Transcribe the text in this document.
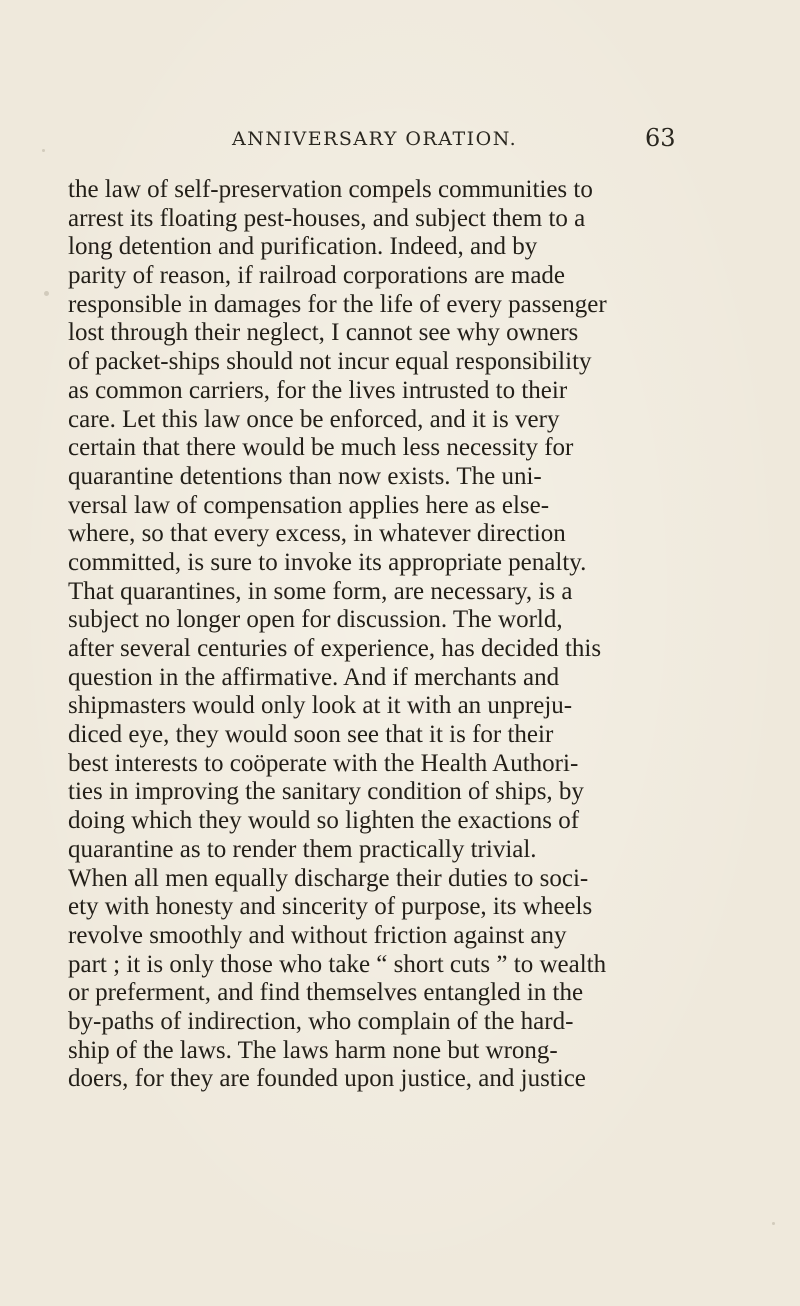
ANNIVERSARY ORATION.	63
the law of self-preservation compels communities to
arrest its floating pest-houses, and subject them to a
long detention and purification. Indeed, and by
parity of reason, if railroad corporations are made
responsible in damages for the life of every passenger
lost through their neglect, I cannot see why owners
of packet-ships should not incur equal responsibility
as common carriers, for the lives intrusted to their
care. Let this law once be enforced, and it is very
certain that there would be much less necessity for
quarantine detentions than now exists. The uni-
versal law of compensation applies here as else-
where, so that every excess, in whatever direction
committed, is sure to invoke its appropriate penalty.
That quarantines, in some form, are necessary, is a
subject no longer open for discussion. The world,
after several centuries of experience, has decided this
question in the affirmative. And if merchants and
shipmasters would only look at it with an unpreju-
diced eye, they would soon see that it is for their
best interests to coöperate with the Health Authori-
ties in improving the sanitary condition of ships, by
doing which they would so lighten the exactions of
quarantine as to render them practically trivial.
When all men equally discharge their duties to soci-
ety with honesty and sincerity of purpose, its wheels
revolve smoothly and without friction against any
part ; it is only those who take “ short cuts ” to wealth
or preferment, and find themselves entangled in the
by-paths of indirection, who complain of the hard-
ship of the laws. The laws harm none but wrong-
doers, for they are founded upon justice, and justice
